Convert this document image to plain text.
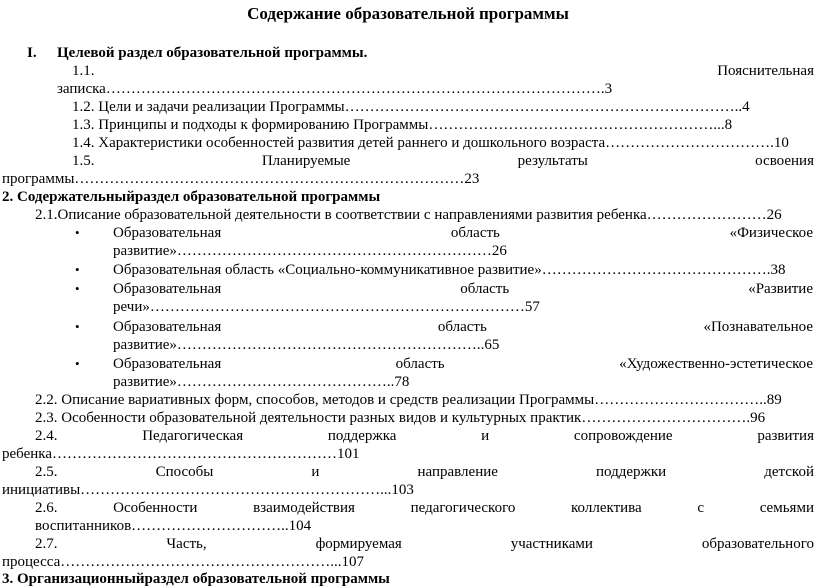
Содержание образовательной программы
I. Целевой раздел образовательной программы.
1.1.	Пояснительная
записка……………………………………………………………………………………….3
1.2. Цели и задачи реализации Программы……………………………………………………………………..4
1.3. Принципы и подходы к формированию Программы…………………………………………………...8
1.4. Характеристики особенностей развития детей раннего и дошкольного возраста…………………………….10
1.5.	Планируемые	результаты	освоения
программы……………………………………………………………………23
2. Содержательныйраздел образовательной программы
2.1.Описание образовательной деятельности в соответствии с направлениями развития ребенка……………………26
• Образовательная	область	«Физическое
развитие»………………………………………………………26
• Образовательная область «Социально-коммуникативное развитие»……………………………………….38
• Образовательная	область	«Развитие
речи»…………………………………………………………………57
• Образовательная	область	«Познавательное
развитие»……………………………………………………..65
• Образовательная	область	«Художественно-эстетическое
развитие»……………………………………..78
2.2. Описание вариативных форм, способов, методов и средств реализации Программы……………………………..89
2.3. Особенности образовательной деятельности разных видов и культурных практик…………………………….96
2.4.	Педагогическая	поддержка	и	сопровождение	развития
ребенка…………………………………………………101
2.5.	Способы	и	направление	поддержки	детской
инициативы……………………………………………………...103
2.6.	Особенности	взаимодействия	педагогического	коллектива	с	семьями
воспитанников…………………………..104
2.7.	Часть,	формируемая	участниками	образовательного
процесса………………………………………………...107
3. Организационныйраздел образовательной программы
